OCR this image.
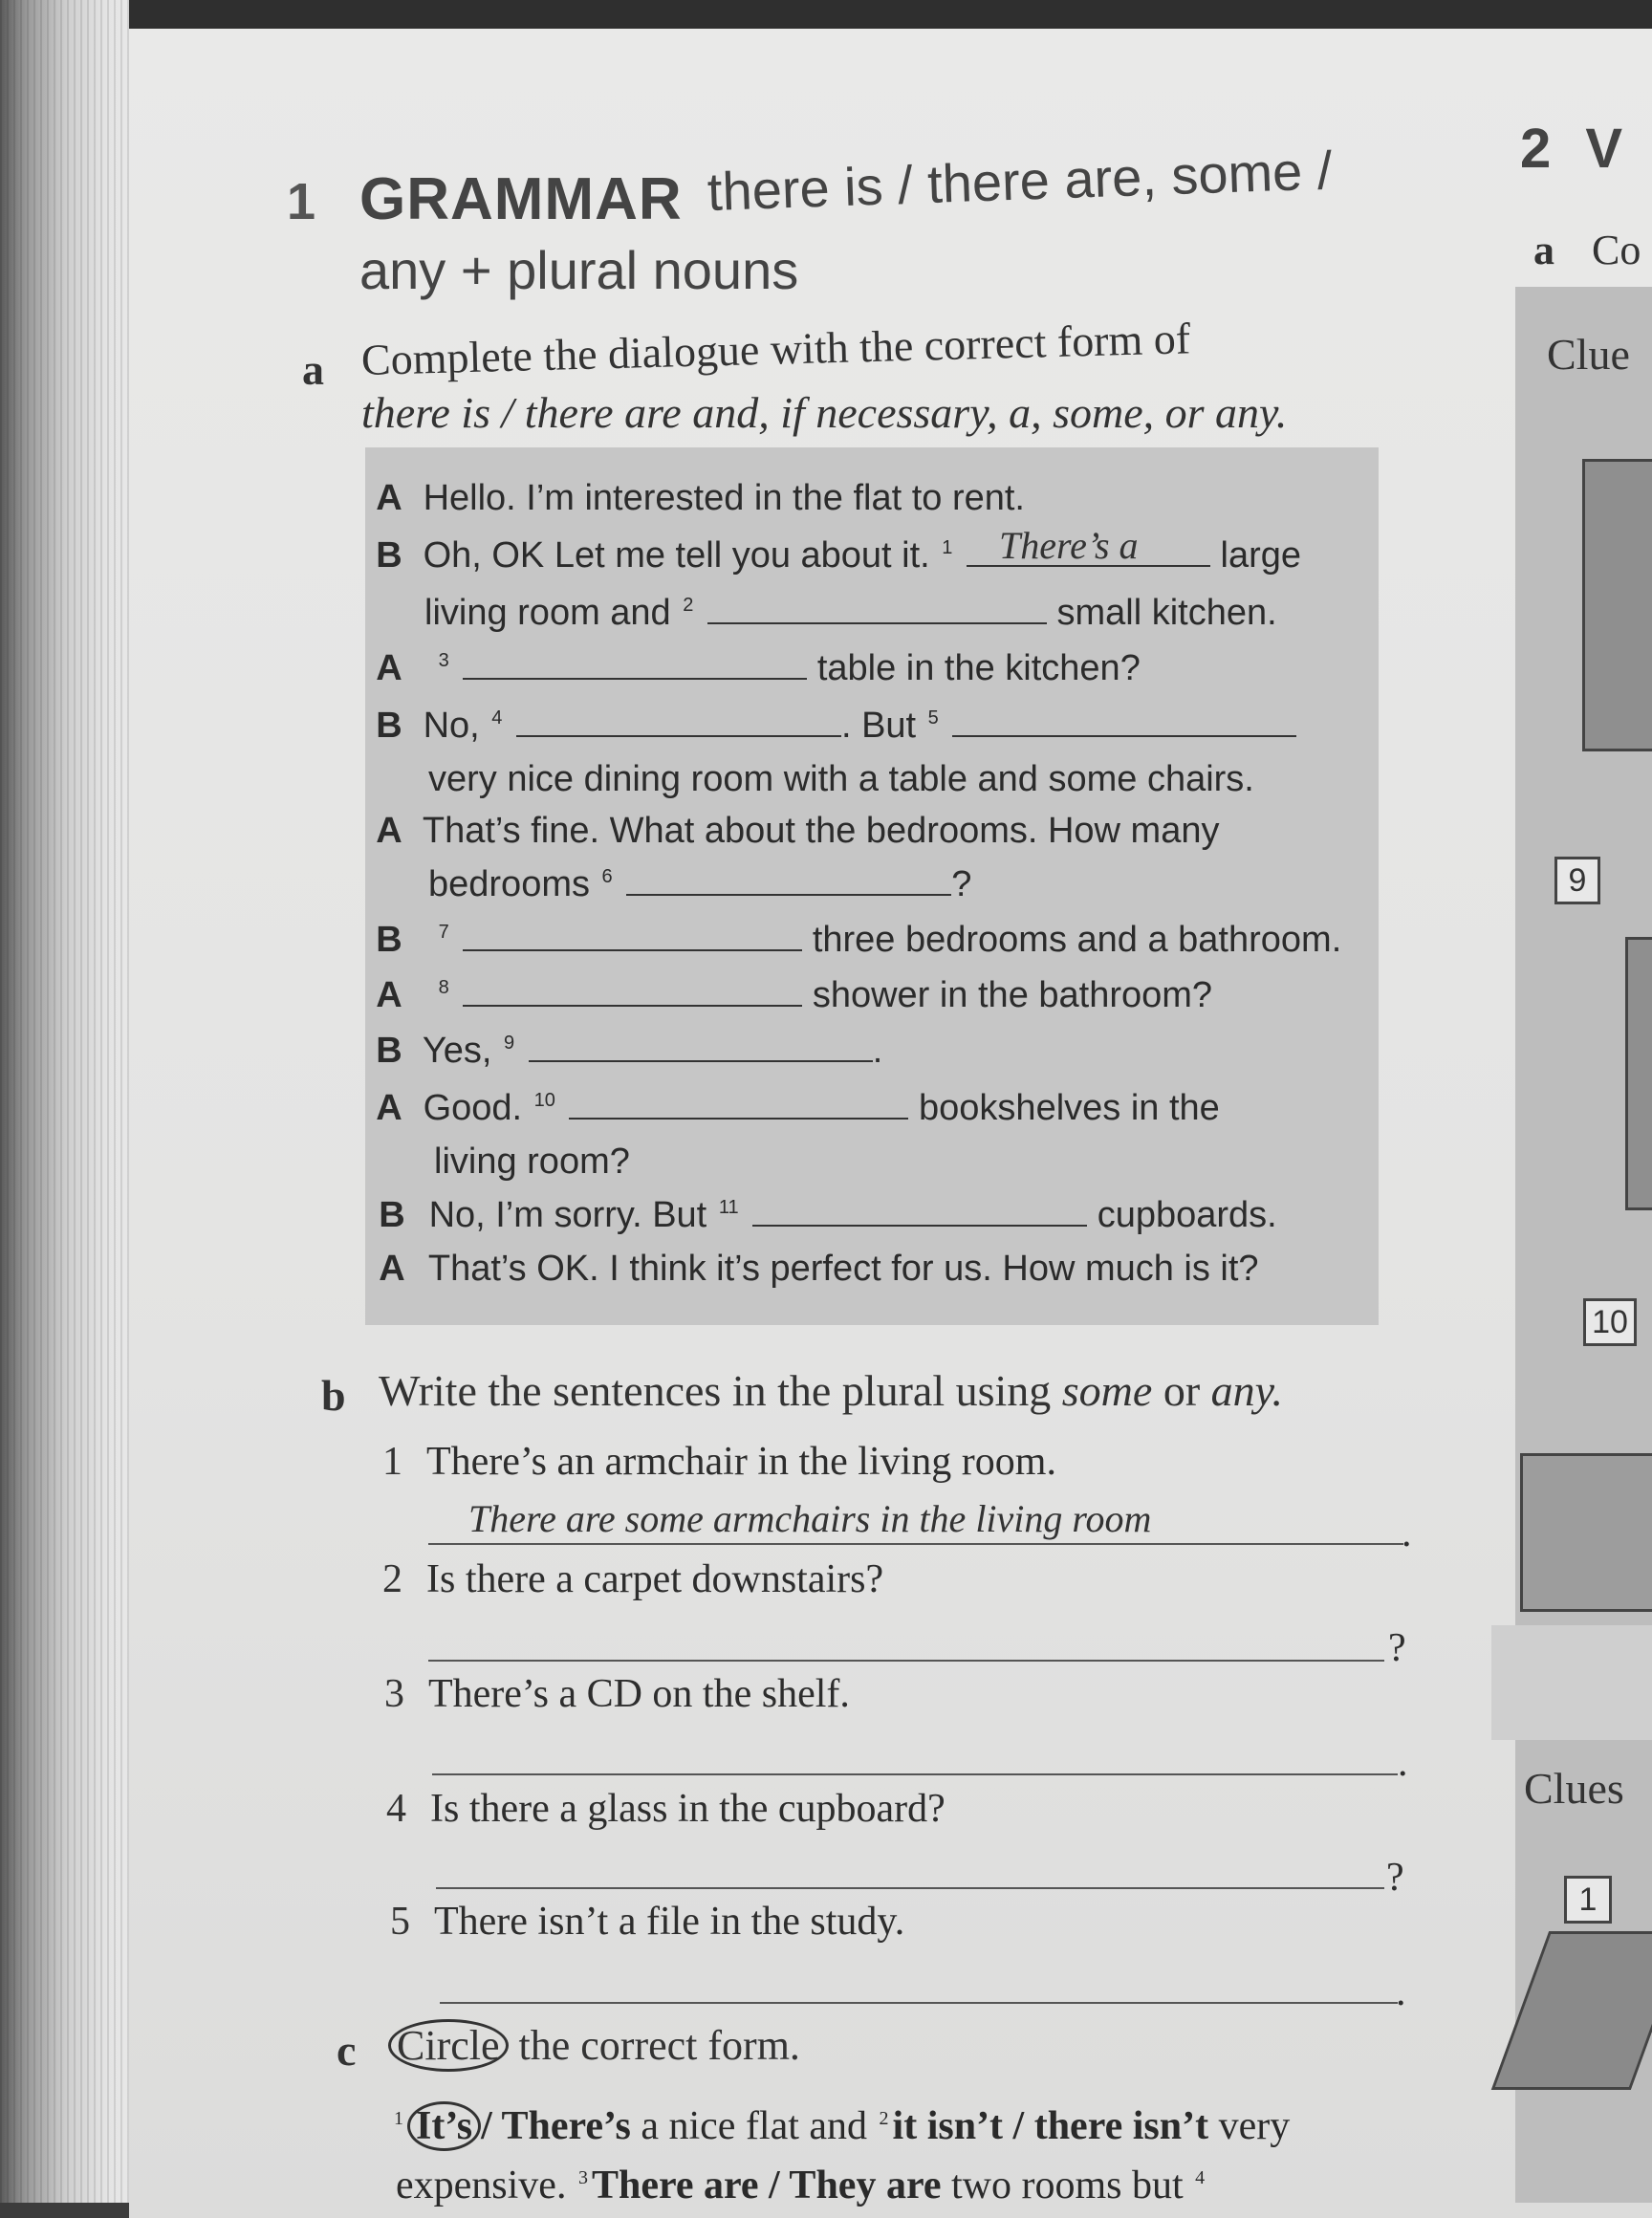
1 GRAMMAR there is / there are, some /
any + plural nouns
a Complete the dialogue with the correct form of
there is / there are and, if necessary, a, some, or any.
A Hello. I’m interested in the flat to rent.
B Oh, OK Let me tell you about it. $^1$	There’s a large
living room and $^2$	small kitchen.
A $^3$	table in the kitchen?
B No, $^4$	. But $^5$
very nice dining room with a table and some chairs.
A That’s fine. What about the bedrooms. How many
bedrooms $^6$	?
B $^7$	three bedrooms and a bathroom.
A $^8$	shower in the bathroom?
B Yes, $^9$	.
A Good. $^{10}$	bookshelves in the
living room?
B No, I’m sorry. But $^{11}$	cupboards.
A That’s OK. I think it’s perfect for us. How much is it?
b Write the sentences in the plural using some or any.
1 There’s an armchair in the living room.
There are some armchairs in the living room	.
2 Is there a carpet downstairs?
?
3 There’s a CD on the shelf.
.
4 Is there a glass in the cupboard?
?
5 There isn’t a file in the study.
.
c Circle the correct form.
$^1$ It’s / There’s a nice flat and $^2$it isn’t / there isn’t very
expensive. $^3$There are / They are two rooms but $^4$
2 V
a Co
Clue
9
10
Clues
1
